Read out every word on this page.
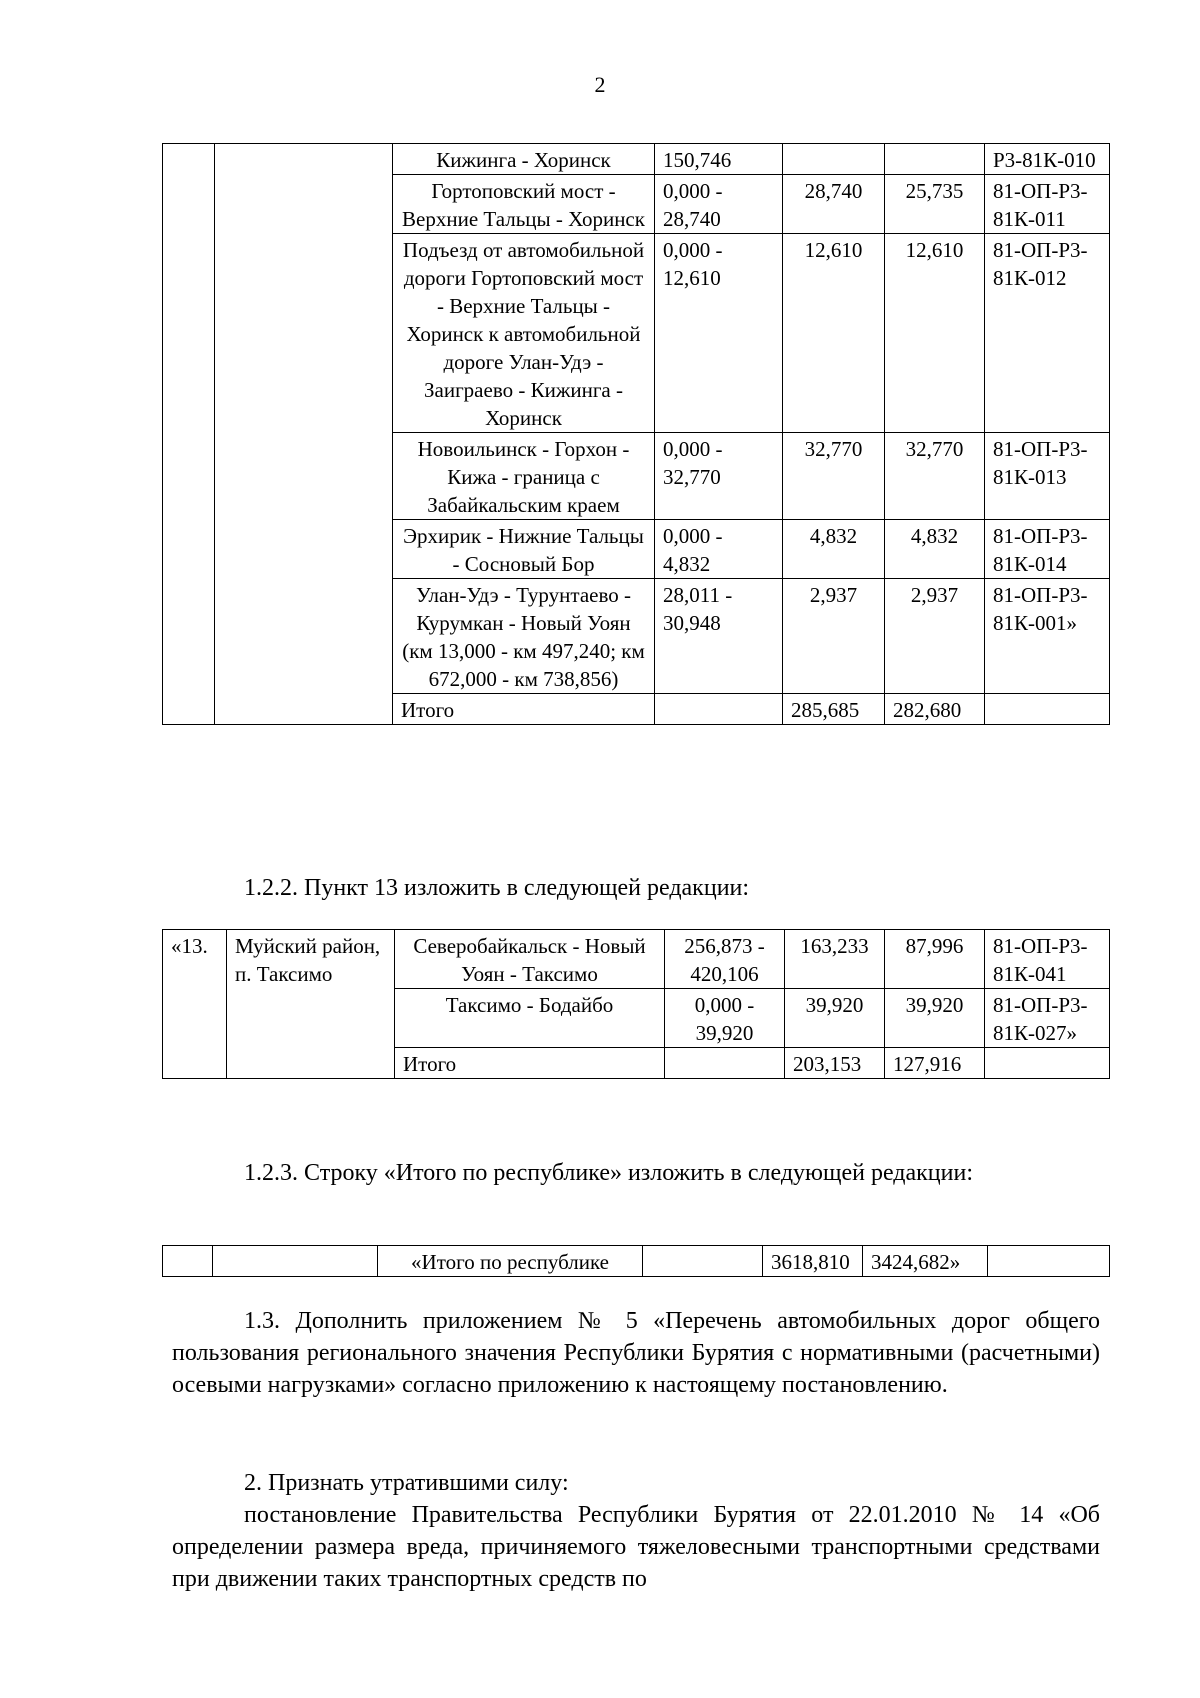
2
		Кижинга - Хоринск	150,746			Р3-81К-010
		Гортоповский мост - Верхние Тальцы - Хоринск	0,000 - 28,740	28,740	25,735	81-ОП-Р3-81К-011
		Подъезд от автомобильной дороги Гортоповский мост - Верхние Тальцы - Хоринск к автомобильной дороге Улан-Удэ - Заиграево - Кижинга - Хоринск	0,000 - 12,610	12,610	12,610	81-ОП-Р3-81К-012
		Новоильинск - Горхон - Кижа - граница с Забайкальским краем	0,000 - 32,770	32,770	32,770	81-ОП-Р3-81К-013
		Эрхирик - Нижние Тальцы - Сосновый Бор	0,000 - 4,832	4,832	4,832	81-ОП-Р3-81К-014
		Улан-Удэ - Турунтаево - Курумкан - Новый Уоян (км 13,000 - км 497,240; км 672,000 - км 738,856)	28,011 - 30,948	2,937	2,937	81-ОП-Р3-81К-001»
		Итого		285,685	282,680	
1.2.2. Пункт 13 изложить в следующей редакции:
«13.	Муйский район, п. Таксимо	Северобайкальск - Новый Уоян - Таксимо	256,873 - 420,106	163,233	87,996	81-ОП-Р3-81К-041
		Таксимо - Бодайбо	0,000 - 39,920	39,920	39,920	81-ОП-Р3-81К-027»
		Итого		203,153	127,916	
1.2.3. Строку «Итого по республике» изложить в следующей редакции:
		«Итого по республике		3618,810	3424,682»	
1.3. Дополнить приложением № 5 «Перечень автомобильных дорог общего пользования регионального значения Республики Бурятия с нормативными (расчетными) осевыми нагрузками» согласно приложению к настоящему постановлению.
2. Признать утратившими силу:
постановление Правительства Республики Бурятия от 22.01.2010 № 14 «Об определении размера вреда, причиняемого тяжеловесными транспортными средствами при движении таких транспортных средств по
